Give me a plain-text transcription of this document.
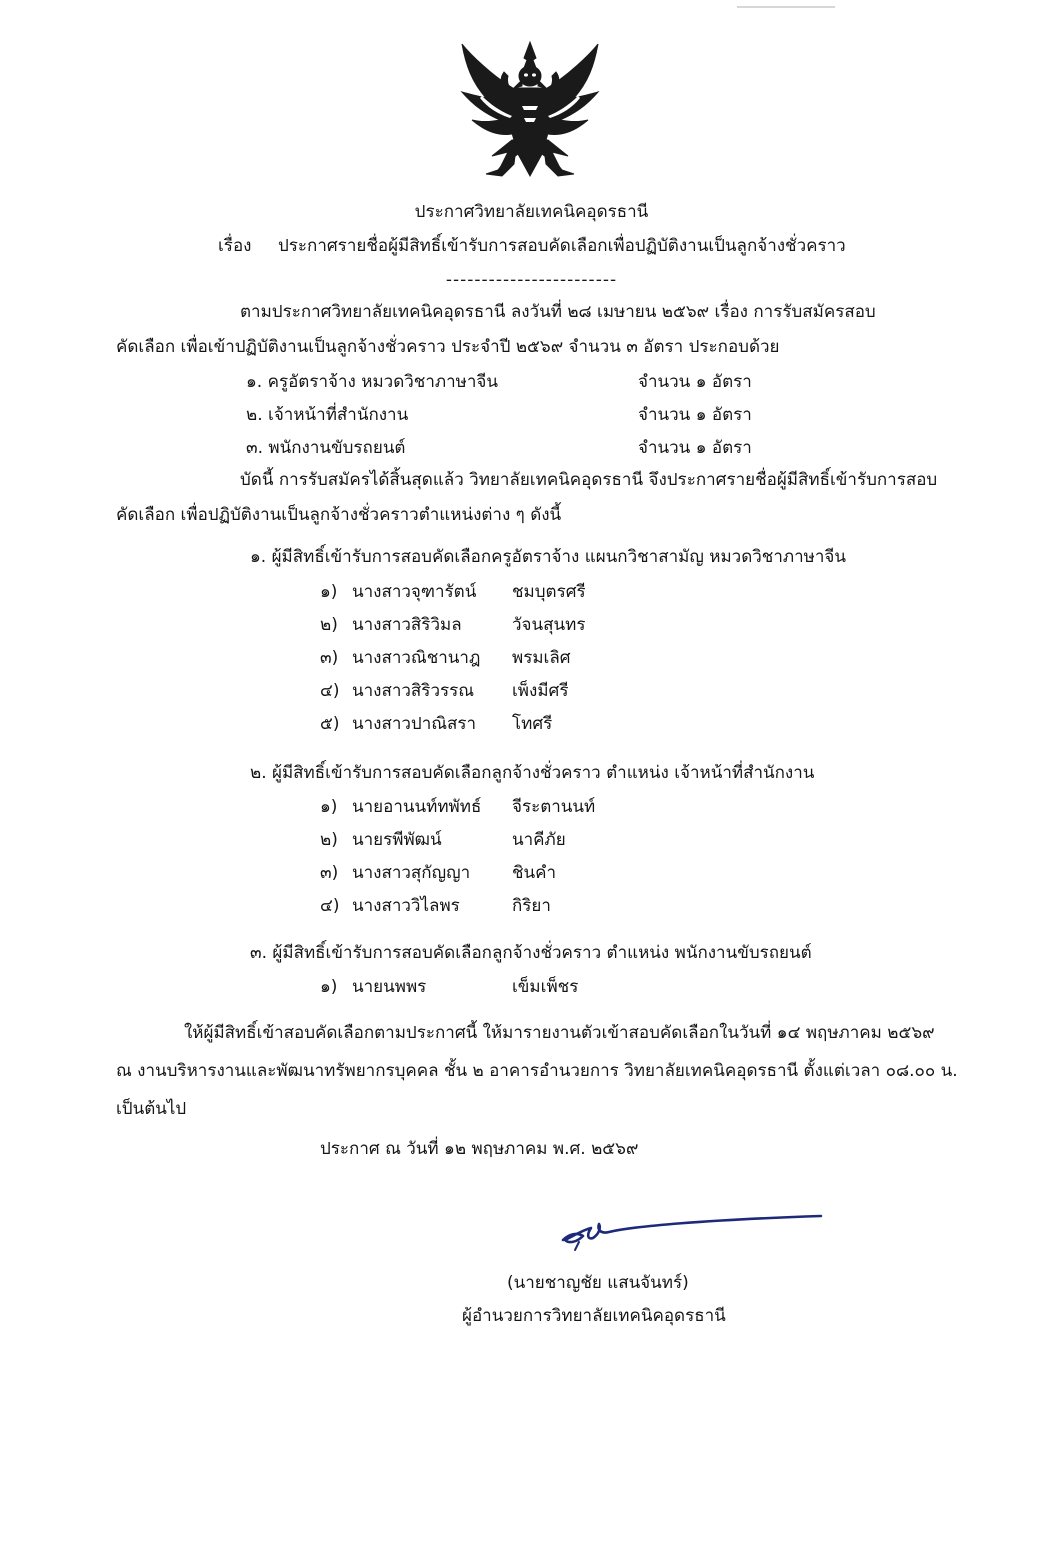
ประกาศวิทยาลัยเทคนิคอุดรธานี
เรื่อง ประกาศรายชื่อผู้มีสิทธิ์เข้ารับการสอบคัดเลือกเพื่อปฏิบัติงานเป็นลูกจ้างชั่วคราว
------------------------
ตามประกาศวิทยาลัยเทคนิคอุดรธานี ลงวันที่ ๒๘ เมษายน ๒๕๖๙ เรื่อง การรับสมัครสอบ
คัดเลือก เพื่อเข้าปฏิบัติงานเป็นลูกจ้างชั่วคราว ประจำปี ๒๕๖๙ จำนวน ๓ อัตรา ประกอบด้วย
๑. ครูอัตราจ้าง หมวดวิชาภาษาจีน	จำนวน ๑ อัตรา
๒. เจ้าหน้าที่สำนักงาน	จำนวน ๑ อัตรา
๓. พนักงานขับรถยนต์	จำนวน ๑ อัตรา
บัดนี้ การรับสมัครได้สิ้นสุดแล้ว วิทยาลัยเทคนิคอุดรธานี จึงประกาศรายชื่อผู้มีสิทธิ์เข้ารับการสอบ
คัดเลือก เพื่อปฏิบัติงานเป็นลูกจ้างชั่วคราวตำแหน่งต่าง ๆ ดังนี้
๑. ผู้มีสิทธิ์เข้ารับการสอบคัดเลือกครูอัตราจ้าง แผนกวิชาสามัญ หมวดวิชาภาษาจีน
๑) นางสาวจุฑารัตน์ ชมบุตรศรี
๒) นางสาวสิริวิมล	วัจนสุนทร
๓) นางสาวณิชานาฎ พรมเลิศ
๔) นางสาวสิริวรรณ เพ็งมีศรี
๕) นางสาวปาณิสรา โทศรี
๒. ผู้มีสิทธิ์เข้ารับการสอบคัดเลือกลูกจ้างชั่วคราว ตำแหน่ง เจ้าหน้าที่สำนักงาน
๑) นายอานนท์ทพัทธ์ จีระตานนท์
๒) นายรพีพัฒน์	นาคีภัย
๓) นางสาวสุกัญญา ชินคำ
๔) นางสาววิไลพร	กิริยา
๓. ผู้มีสิทธิ์เข้ารับการสอบคัดเลือกลูกจ้างชั่วคราว ตำแหน่ง พนักงานขับรถยนต์
๑) นายนพพร	เข็มเพ็ชร
ให้ผู้มีสิทธิ์เข้าสอบคัดเลือกตามประกาศนี้ ให้มารายงานตัวเข้าสอบคัดเลือกในวันที่ ๑๔ พฤษภาคม ๒๕๖๙
ณ งานบริหารงานและพัฒนาทรัพยากรบุคคล ชั้น ๒ อาคารอำนวยการ วิทยาลัยเทคนิคอุดรธานี ตั้งแต่เวลา ๐๘.๐๐ น.
เป็นต้นไป
ประกาศ ณ วันที่ ๑๒ พฤษภาคม พ.ศ. ๒๕๖๙
(นายชาญชัย แสนจันทร์)
ผู้อำนวยการวิทยาลัยเทคนิคอุดรธานี
